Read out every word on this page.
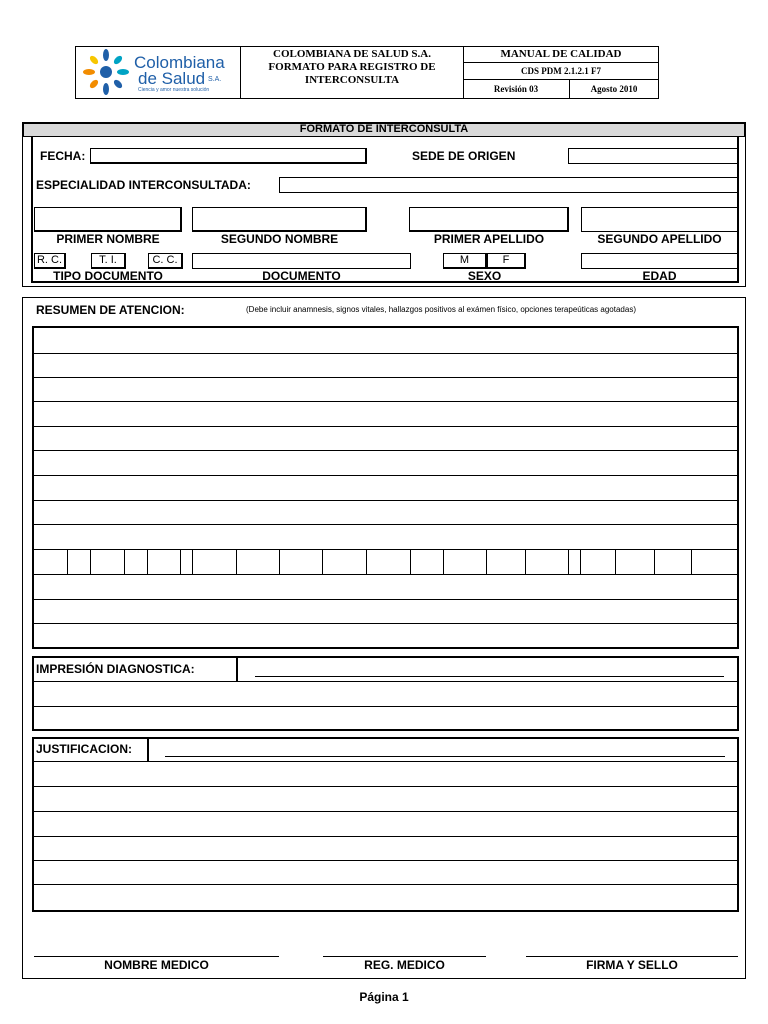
Colombiana
de Salud S.A.
Ciencia y amor nuestra solución
COLOMBIANA DE SALUD S.A.
FORMATO PARA REGISTRO DE INTERCONSULTA
MANUAL DE CALIDAD
CDS PDM 2.1.2.1 F7
Revisión 03	Agosto 2010
FORMATO DE INTERCONSULTA
FECHA:	SEDE DE ORIGEN
ESPECIALIDAD INTERCONSULTADA:
PRIMER NOMBRE	SEGUNDO NOMBRE	PRIMER APELLIDO	SEGUNDO APELLIDO
R. C.	T. I.	C. C.	M	F
TIPO DOCUMENTO	DOCUMENTO	SEXO	EDAD
RESUMEN DE ATENCION:	(Debe incluir anamnesis, signos vitales, hallazgos positivos al exámen físico, opciones terapeúticas agotadas)
IMPRESIÓN DIAGNOSTICA:
JUSTIFICACION:
NOMBRE MEDICO	REG. MEDICO	FIRMA Y SELLO
Página 1
